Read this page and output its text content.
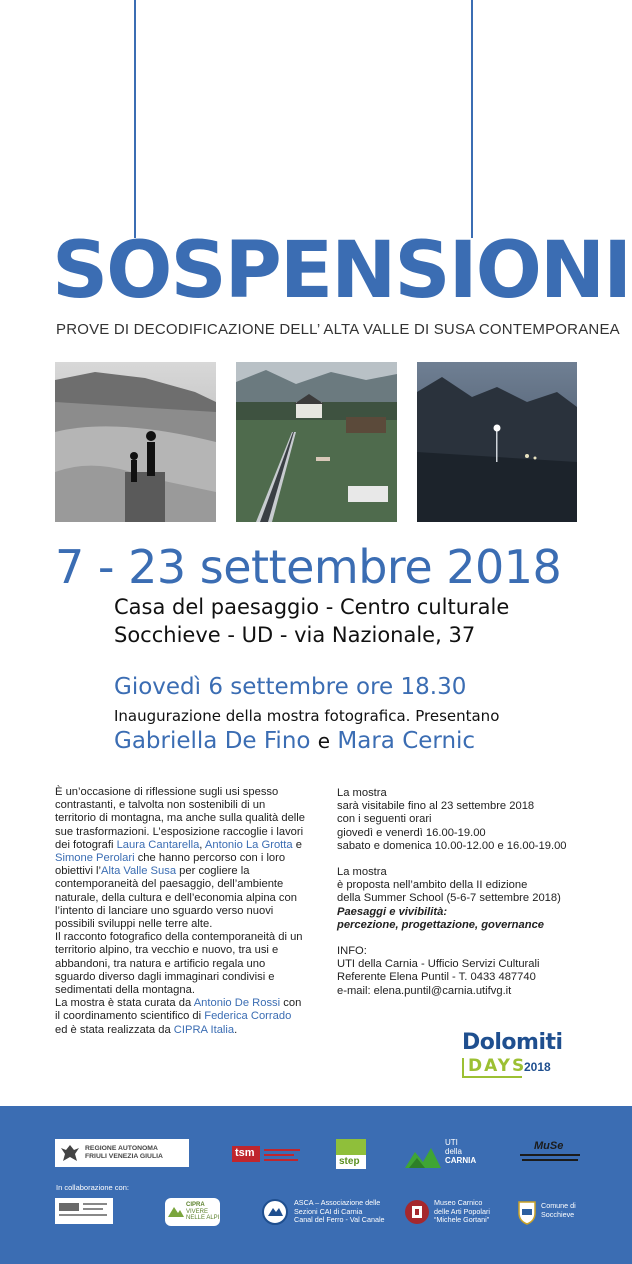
SOSPENSIONI
PROVE DI DECODIFICAZIONE DELL’ ALTA VALLE DI SUSA CONTEMPORANEA
7 - 23 settembre 2018
Casa del paesaggio - Centro culturale
Socchieve - UD - via Nazionale, 37
Giovedì 6 settembre ore 18.30
Inaugurazione della mostra fotografica. Presentano
Gabriella De Fino e Mara Cernic

È un’occasione di riflessione sugli usi spesso contrastanti, e talvolta non sostenibili di un territorio di montagna, ma anche sulla qualità delle sue trasformazioni. L’esposizione raccoglie i lavori dei fotografi Laura Cantarella, Antonio La Grotta e Simone Perolari che hanno percorso con i loro obiettivi l’Alta Valle Susa per cogliere la contemporaneità del paesaggio, dell’ambiente naturale, della cultura e dell’economia alpina con l’intento di lanciare uno sguardo verso nuovi possibili sviluppi nelle terre alte.

Il racconto fotografico della contemporaneità di un territorio alpino, tra vecchio e nuovo, tra usi e abbandoni, tra natura e artificio regala uno sguardo diverso dagli immaginari condivisi e sedimentati della montagna.

La mostra è stata curata da Antonio De Rossi con il coordinamento scientifico di Federica Corrado ed è stata realizzata da CIPRA Italia.

La mostra

sarà visitabile fino al 23 settembre 2018

con i seguenti orari

giovedì e venerdì 16.00-19.00

sabato e domenica 10.00-12.00 e 16.00-19.00

La mostra

è proposta nell’ambito della II edizione

della Summer School (5-6-7 settembre 2018)

Paesaggi e vivibilità:

percezione, progettazione, governance

INFO:

UTI della Carnia - Ufficio Servizi Culturali

Referente Elena Puntil - T. 0433 487740

e-mail: elena.puntil@carnia.utifvg.it

Dolomiti
DAYS
2018
REGIONE AUTONOMA
FRIULI VENEZIA GIULIA	tsm
step
UTI
della
CARNIA
MuSe
In collaborazione con:
CIPRA
VIVERE
NELLE ALPI
ASCA – Associazione delle
Sezioni CAI di Carnia
Canal del Ferro - Val Canale
Museo Carnico
delle Arti Popolari
“Michele Gortani”
Comune di
Socchieve
